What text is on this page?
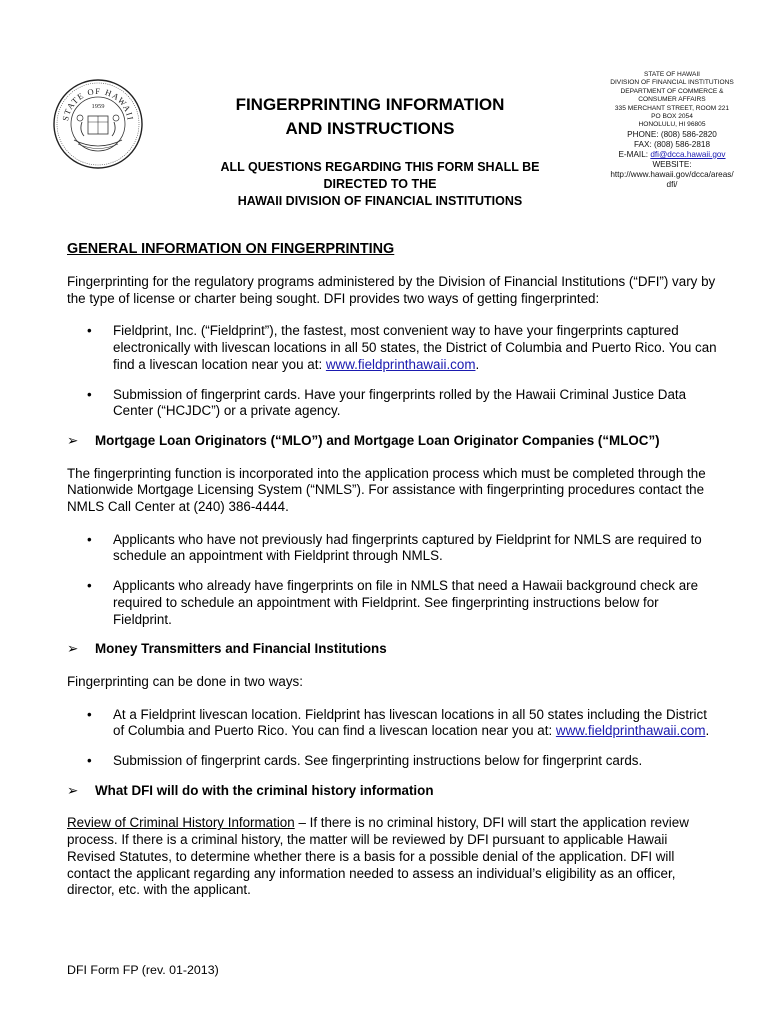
STATE OF HAWAII
1959
STATE OF HAWAII
DIVISION OF FINANCIAL INSTITUTIONS
DEPARTMENT OF COMMERCE &
CONSUMER AFFAIRS
335 MERCHANT STREET, ROOM 221
PO BOX 2054
HONOLULU, HI 96805
PHONE: (808) 586-2820
FAX: (808) 586-2818
E-MAIL: dfi@dcca.hawaii.gov
WEBSITE:
http://www.hawaii.gov/dcca/areas/
dfi/
FINGERPRINTING INFORMATION
AND INSTRUCTIONS
ALL QUESTIONS REGARDING THIS FORM SHALL BE
DIRECTED TO THE
HAWAII DIVISION OF FINANCIAL INSTITUTIONS
GENERAL INFORMATION ON FINGERPRINTING

Fingerprinting for the regulatory programs administered by the Division of Financial Institutions (“DFI”) vary by the type of license or charter being sought. DFI provides two ways of getting fingerprinted:

• Fieldprint, Inc. (“Fieldprint”), the fastest, most convenient way to have your fingerprints captured electronically with livescan locations in all 50 states, the District of Columbia and Puerto Rico. You can find a livescan location near you at: www.fieldprinthawaii.com.
• Submission of fingerprint cards. Have your fingerprints rolled by the Hawaii Criminal Justice Data Center (“HCJDC”) or a private agency.
➢ Mortgage Loan Originators (“MLO”) and Mortgage Loan Originator Companies (“MLOC”)

The fingerprinting function is incorporated into the application process which must be completed through the Nationwide Mortgage Licensing System (“NMLS”). For assistance with fingerprinting procedures contact the NMLS Call Center at (240) 386-4444.

• Applicants who have not previously had fingerprints captured by Fieldprint for NMLS are required to schedule an appointment with Fieldprint through NMLS.
• Applicants who already have fingerprints on file in NMLS that need a Hawaii background check are required to schedule an appointment with Fieldprint. See fingerprinting instructions below for Fieldprint.
➢ Money Transmitters and Financial Institutions

Fingerprinting can be done in two ways:

• At a Fieldprint livescan location. Fieldprint has livescan locations in all 50 states including the District of Columbia and Puerto Rico. You can find a livescan location near you at: www.fieldprinthawaii.com.
• Submission of fingerprint cards. See fingerprinting instructions below for fingerprint cards.
➢ What DFI will do with the criminal history information

Review of Criminal History Information – If there is no criminal history, DFI will start the application review process. If there is a criminal history, the matter will be reviewed by DFI pursuant to applicable Hawaii Revised Statutes, to determine whether there is a basis for a possible denial of the application. DFI will contact the applicant regarding any information needed to assess an individual’s eligibility as an officer, director, etc. with the applicant.

DFI Form FP (rev. 01-2013)
